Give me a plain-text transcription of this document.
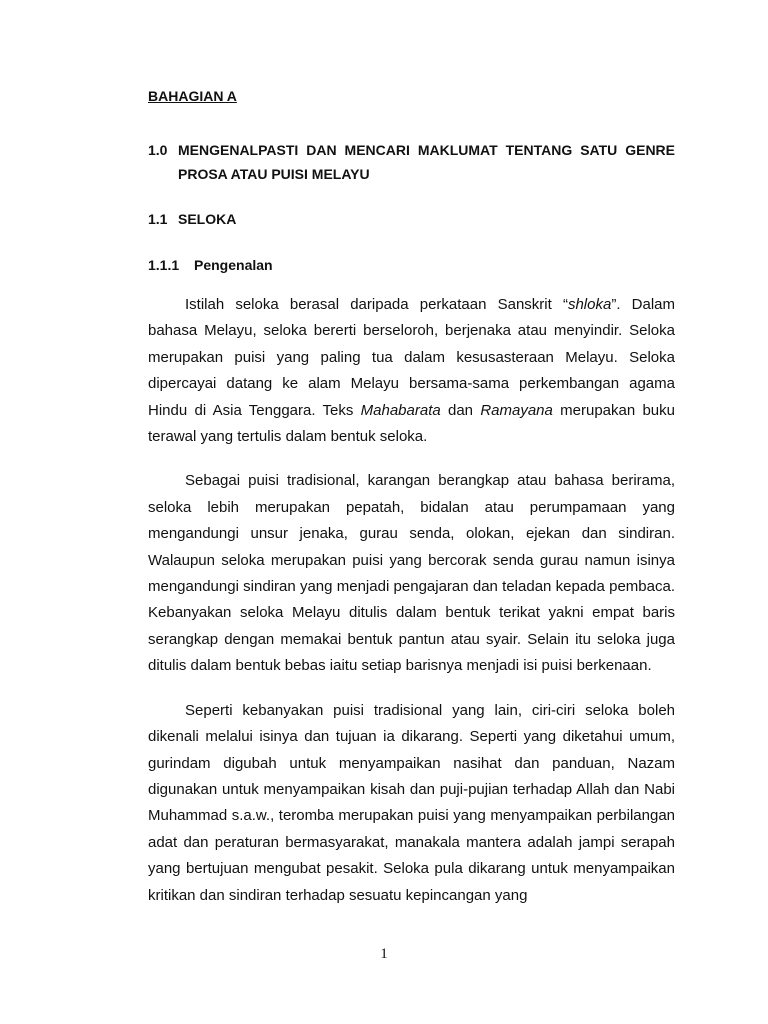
BAHAGIAN A
1.0 MENGENALPASTI DAN MENCARI MAKLUMAT TENTANG SATU GENRE PROSA ATAU PUISI MELAYU
1.1 SELOKA
1.1.1 Pengenalan

Istilah seloka berasal daripada perkataan Sanskrit “shloka”. Dalam bahasa Melayu, seloka bererti berseloroh, berjenaka atau menyindir. Seloka merupakan puisi yang paling tua dalam kesusasteraan Melayu. Seloka dipercayai datang ke alam Melayu bersama-sama perkembangan agama Hindu di Asia Tenggara. Teks Mahabarata dan Ramayana merupakan buku terawal yang tertulis dalam bentuk seloka.

Sebagai puisi tradisional, karangan berangkap atau bahasa berirama, seloka lebih merupakan pepatah, bidalan atau perumpamaan yang mengandungi unsur jenaka, gurau senda, olokan, ejekan dan sindiran. Walaupun seloka merupakan puisi yang bercorak senda gurau namun isinya mengandungi sindiran yang menjadi pengajaran dan teladan kepada pembaca. Kebanyakan seloka Melayu ditulis dalam bentuk terikat yakni empat baris serangkap dengan memakai bentuk pantun atau syair. Selain itu seloka juga ditulis dalam bentuk bebas iaitu setiap barisnya menjadi isi puisi berkenaan.

Seperti kebanyakan puisi tradisional yang lain, ciri-ciri seloka boleh dikenali melalui isinya dan tujuan ia dikarang. Seperti yang diketahui umum, gurindam digubah untuk menyampaikan nasihat dan panduan, Nazam digunakan untuk menyampaikan kisah dan puji-pujian terhadap Allah dan Nabi Muhammad s.a.w., teromba merupakan puisi yang menyampaikan perbilangan adat dan peraturan bermasyarakat, manakala mantera adalah jampi serapah yang bertujuan mengubat pesakit. Seloka pula dikarang untuk menyampaikan kritikan dan sindiran terhadap sesuatu kepincangan yang

1
